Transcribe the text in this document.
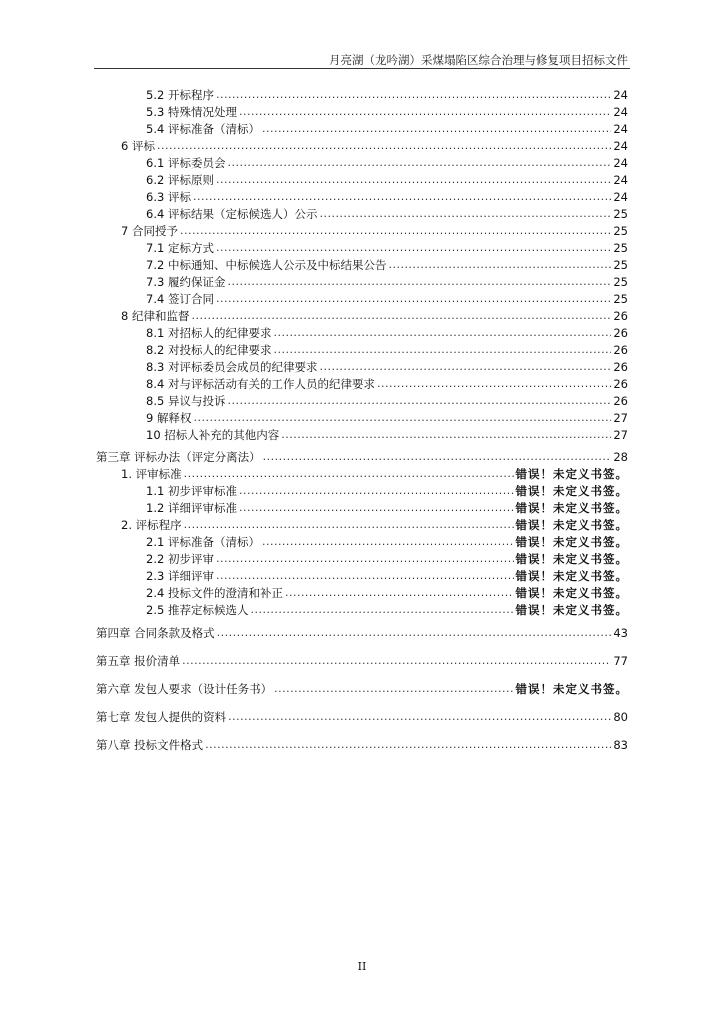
月亮湖（龙吟湖）采煤塌陷区综合治理与修复项目招标文件
5.2 开标程序 .....	24
5.3 特殊情况处理 .....	24
5.4 评标准备（清标） .....	24
6 评标 .....	24
6.1 评标委员会 .....	24
6.2 评标原则 .....	24
6.3 评标 .....	24
6.4 评标结果（定标候选人）公示 .....	25
7 合同授予 .....	25
7.1 定标方式 .....	25
7.2 中标通知、中标候选人公示及中标结果公告 .....	25
7.3 履约保证金 .....	25
7.4 签订合同 .....	25
8 纪律和监督 .....	26
8.1 对招标人的纪律要求 .....	26
8.2 对投标人的纪律要求 .....	26
8.3 对评标委员会成员的纪律要求 .....	26
8.4 对与评标活动有关的工作人员的纪律要求 .....	26
8.5 异议与投诉 .....	26
9 解释权 .....	27
10 招标人补充的其他内容 .....	27
第三章 评标办法（评定分离法） .....	28
1. 评审标准 .....	错误！未定义书签。
1.1 初步评审标准 .....	错误！未定义书签。
1.2 详细评审标准 .....	错误！未定义书签。
2. 评标程序 .....	错误！未定义书签。
2.1 评标准备（清标） .....	错误！未定义书签。
2.2 初步评审 .....	错误！未定义书签。
2.3 详细评审 .....	错误！未定义书签。
2.4 投标文件的澄清和补正 .....	错误！未定义书签。
2.5 推荐定标候选人 .....	错误！未定义书签。
第四章 合同条款及格式 .....	43
第五章 报价清单 .....	77
第六章 发包人要求（设计任务书） .....	错误！未定义书签。
第七章 发包人提供的资料 .....	80
第八章 投标文件格式 .....	83
II
